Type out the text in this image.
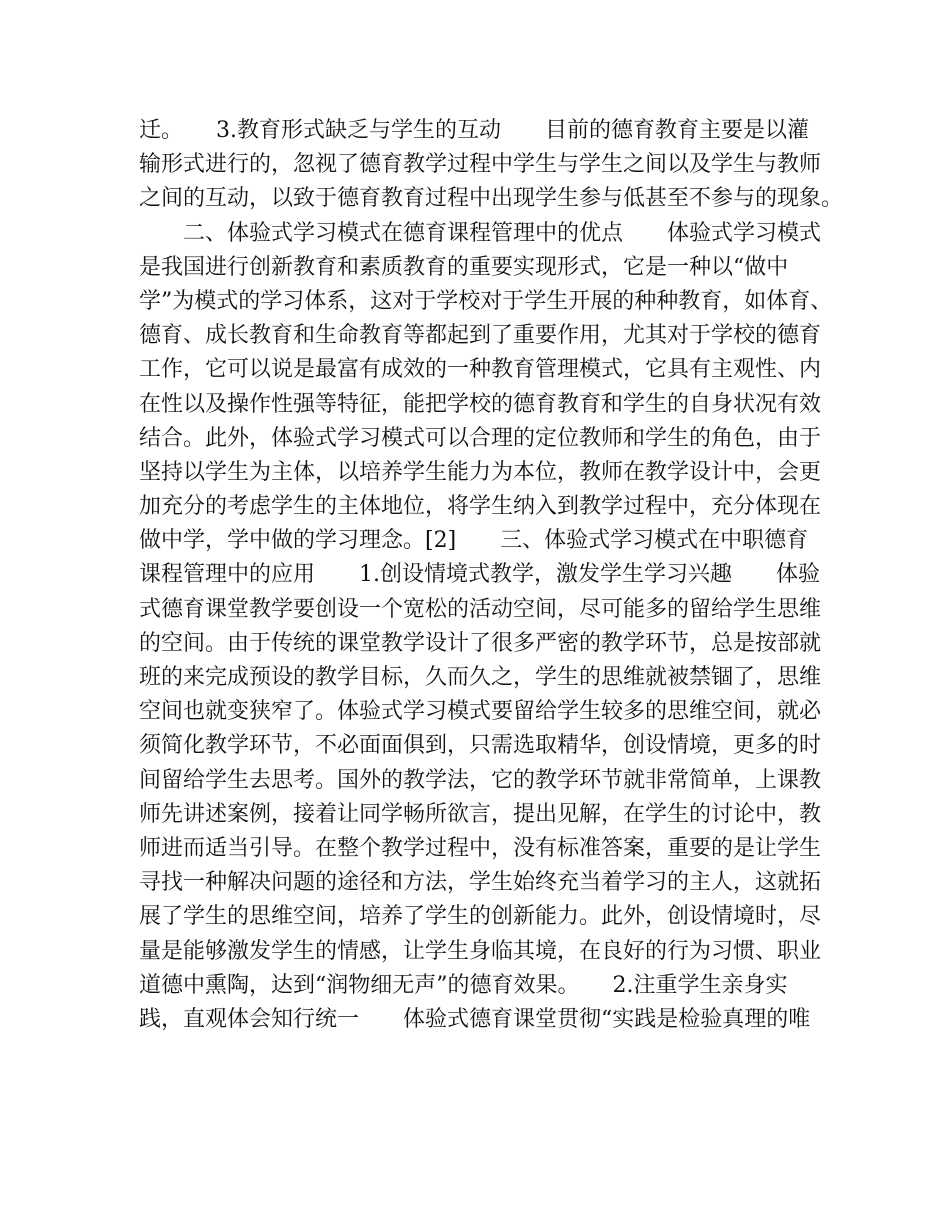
迁。　　3.教育形式缺乏与学生的互动　　目前的德育教育主要是以灌
输形式进行的，忽视了德育教学过程中学生与学生之间以及学生与教师
之间的互动，以致于德育教育过程中出现学生参与低甚至不参与的现象。
　　二、体验式学习模式在德育课程管理中的优点　　体验式学习模式
是我国进行创新教育和素质教育的重要实现形式，它是一种以“做中
学”为模式的学习体系，这对于学校对于学生开展的种种教育，如体育、
德育、成长教育和生命教育等都起到了重要作用，尤其对于学校的德育
工作，它可以说是最富有成效的一种教育管理模式，它具有主观性、内
在性以及操作性强等特征，能把学校的德育教育和学生的自身状况有效
结合。此外，体验式学习模式可以合理的定位教师和学生的角色，由于
坚持以学生为主体，以培养学生能力为本位，教师在教学设计中，会更
加充分的考虑学生的主体地位，将学生纳入到教学过程中，充分体现在
做中学，学中做的学习理念。[2]　　三、体验式学习模式在中职德育
课程管理中的应用　　1.创设情境式教学，激发学生学习兴趣　　体验
式德育课堂教学要创设一个宽松的活动空间，尽可能多的留给学生思维
的空间。由于传统的课堂教学设计了很多严密的教学环节，总是按部就
班的来完成预设的教学目标，久而久之，学生的思维就被禁锢了，思维
空间也就变狭窄了。体验式学习模式要留给学生较多的思维空间，就必
须简化教学环节，不必面面俱到，只需选取精华，创设情境，更多的时
间留给学生去思考。国外的教学法，它的教学环节就非常简单，上课教
师先讲述案例，接着让同学畅所欲言，提出见解，在学生的讨论中，教
师进而适当引导。在整个教学过程中，没有标准答案，重要的是让学生
寻找一种解决问题的途径和方法，学生始终充当着学习的主人，这就拓
展了学生的思维空间，培养了学生的创新能力。此外，创设情境时，尽
量是能够激发学生的情感，让学生身临其境，在良好的行为习惯、职业
道德中熏陶，达到“润物细无声”的德育效果。　　2.注重学生亲身实
践，直观体会知行统一　　体验式德育课堂贯彻“实践是检验真理的唯
